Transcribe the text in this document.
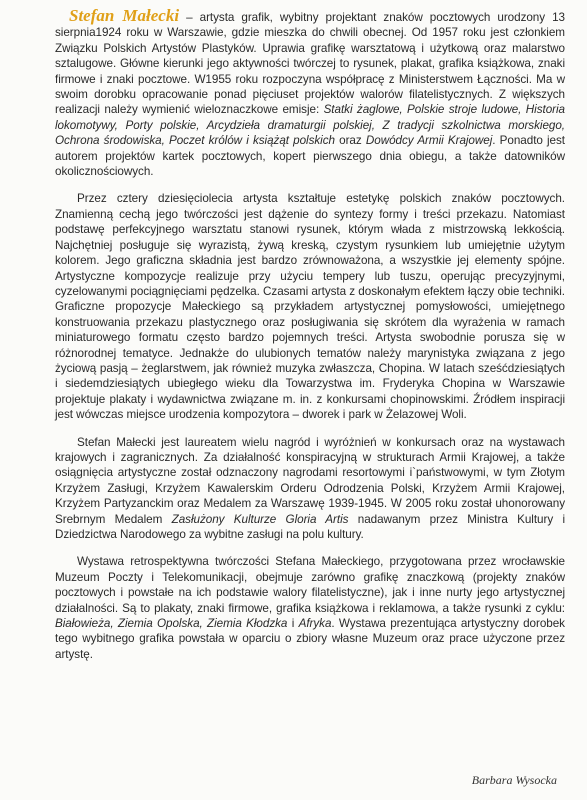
Stefan Małecki – artysta grafik, wybitny projektant znaków pocztowych urodzony 13 sierpnia1924 roku w Warszawie, gdzie mieszka do chwili obecnej. Od 1957 roku jest członkiem Związku Polskich Artystów Plastyków. Uprawia grafikę warsztatową i użytkową oraz malarstwo sztalugowe. Główne kierunki jego aktywności twórczej to rysunek, plakat, grafika książkowa, znaki firmowe i znaki pocztowe. W1955 roku rozpoczyna współpracę z Ministerstwem Łączności. Ma w swoim dorobku opracowanie ponad pięciuset projektów walorów filatelistycznych. Z większych realizacji należy wymienić wieloznaczkowe emisje: Statki żaglowe, Polskie stroje ludowe, Historia lokomotywy, Porty polskie, Arcydzieła dramaturgii polskiej, Z tradycji szkolnictwa morskiego, Ochrona środowiska, Poczet królów i książąt polskich oraz Dowódcy Armii Krajowej. Ponadto jest autorem projektów kartek pocztowych, kopert pierwszego dnia obiegu, a także datowników okolicznościowych.

Przez cztery dziesięciolecia artysta kształtuje estetykę polskich znaków pocztowych. Znamienną cechą jego twórczości jest dążenie do syntezy formy i treści przekazu. Natomiast podstawę perfekcyjnego warsztatu stanowi rysunek, którym włada z mistrzowską lekkością. Najchętniej posługuje się wyrazistą, żywą kreską, czystym rysunkiem lub umiejętnie użytym kolorem. Jego graficzna składnia jest bardzo zrównoważona, a wszystkie jej elementy spójne. Artystyczne kompozycje realizuje przy użyciu tempery lub tuszu, operując precyzyjnymi, cyzelowanymi pociągnięciami pędzelka. Czasami artysta z doskonałym efektem łączy obie techniki. Graficzne propozycje Małeckiego są przykładem artystycznej pomysłowości, umiejętnego konstruowania przekazu plastycznego oraz posługiwania się skrótem dla wyrażenia w ramach miniaturowego formatu często bardzo pojemnych treści. Artysta swobodnie porusza się w różnorodnej tematyce. Jednakże do ulubionych tematów należy marynistyka związana z jego życiową pasją – żeglarstwem, jak również muzyka zwłaszcza, Chopina. W latach sześćdziesiątych i siedemdziesiątych ubiegłego wieku dla Towarzystwa im. Fryderyka Chopina w Warszawie projektuje plakaty i wydawnictwa związane m. in. z konkursami chopinowskimi. Źródłem inspiracji jest wówczas miejsce urodzenia kompozytora – dworek i park w Żelazowej Woli.

Stefan Małecki jest laureatem wielu nagród i wyróżnień w konkursach oraz na wystawach krajowych i zagranicznych. Za działalność konspiracyjną w strukturach Armii Krajowej, a także osiągnięcia artystyczne został odznaczony nagrodami resortowymi i`państwowymi, w tym Złotym Krzyżem Zasługi, Krzyżem Kawalerskim Orderu Odrodzenia Polski, Krzyżem Armii Krajowej, Krzyżem Partyzanckim oraz Medalem za Warszawę 1939-1945. W 2005 roku został uhonorowany Srebrnym Medalem Zasłużony Kulturze Gloria Artis nadawanym przez Ministra Kultury i Dziedzictwa Narodowego za wybitne zasługi na polu kultury.

Wystawa retrospektywna twórczości Stefana Małeckiego, przygotowana przez wrocławskie Muzeum Poczty i Telekomunikacji, obejmuje zarówno grafikę znaczkową (projekty znaków pocztowych i powstałe na ich podstawie walory filatelistyczne), jak i inne nurty jego artystycznej działalności. Są to plakaty, znaki firmowe, grafika książkowa i reklamowa, a także rysunki z cyklu: Białowieża, Ziemia Opolska, Ziemia Kłodzka i Afryka. Wystawa prezentująca artystyczny dorobek tego wybitnego grafika powstała w oparciu o zbiory własne Muzeum oraz prace użyczone przez artystę.

Barbara Wysocka
